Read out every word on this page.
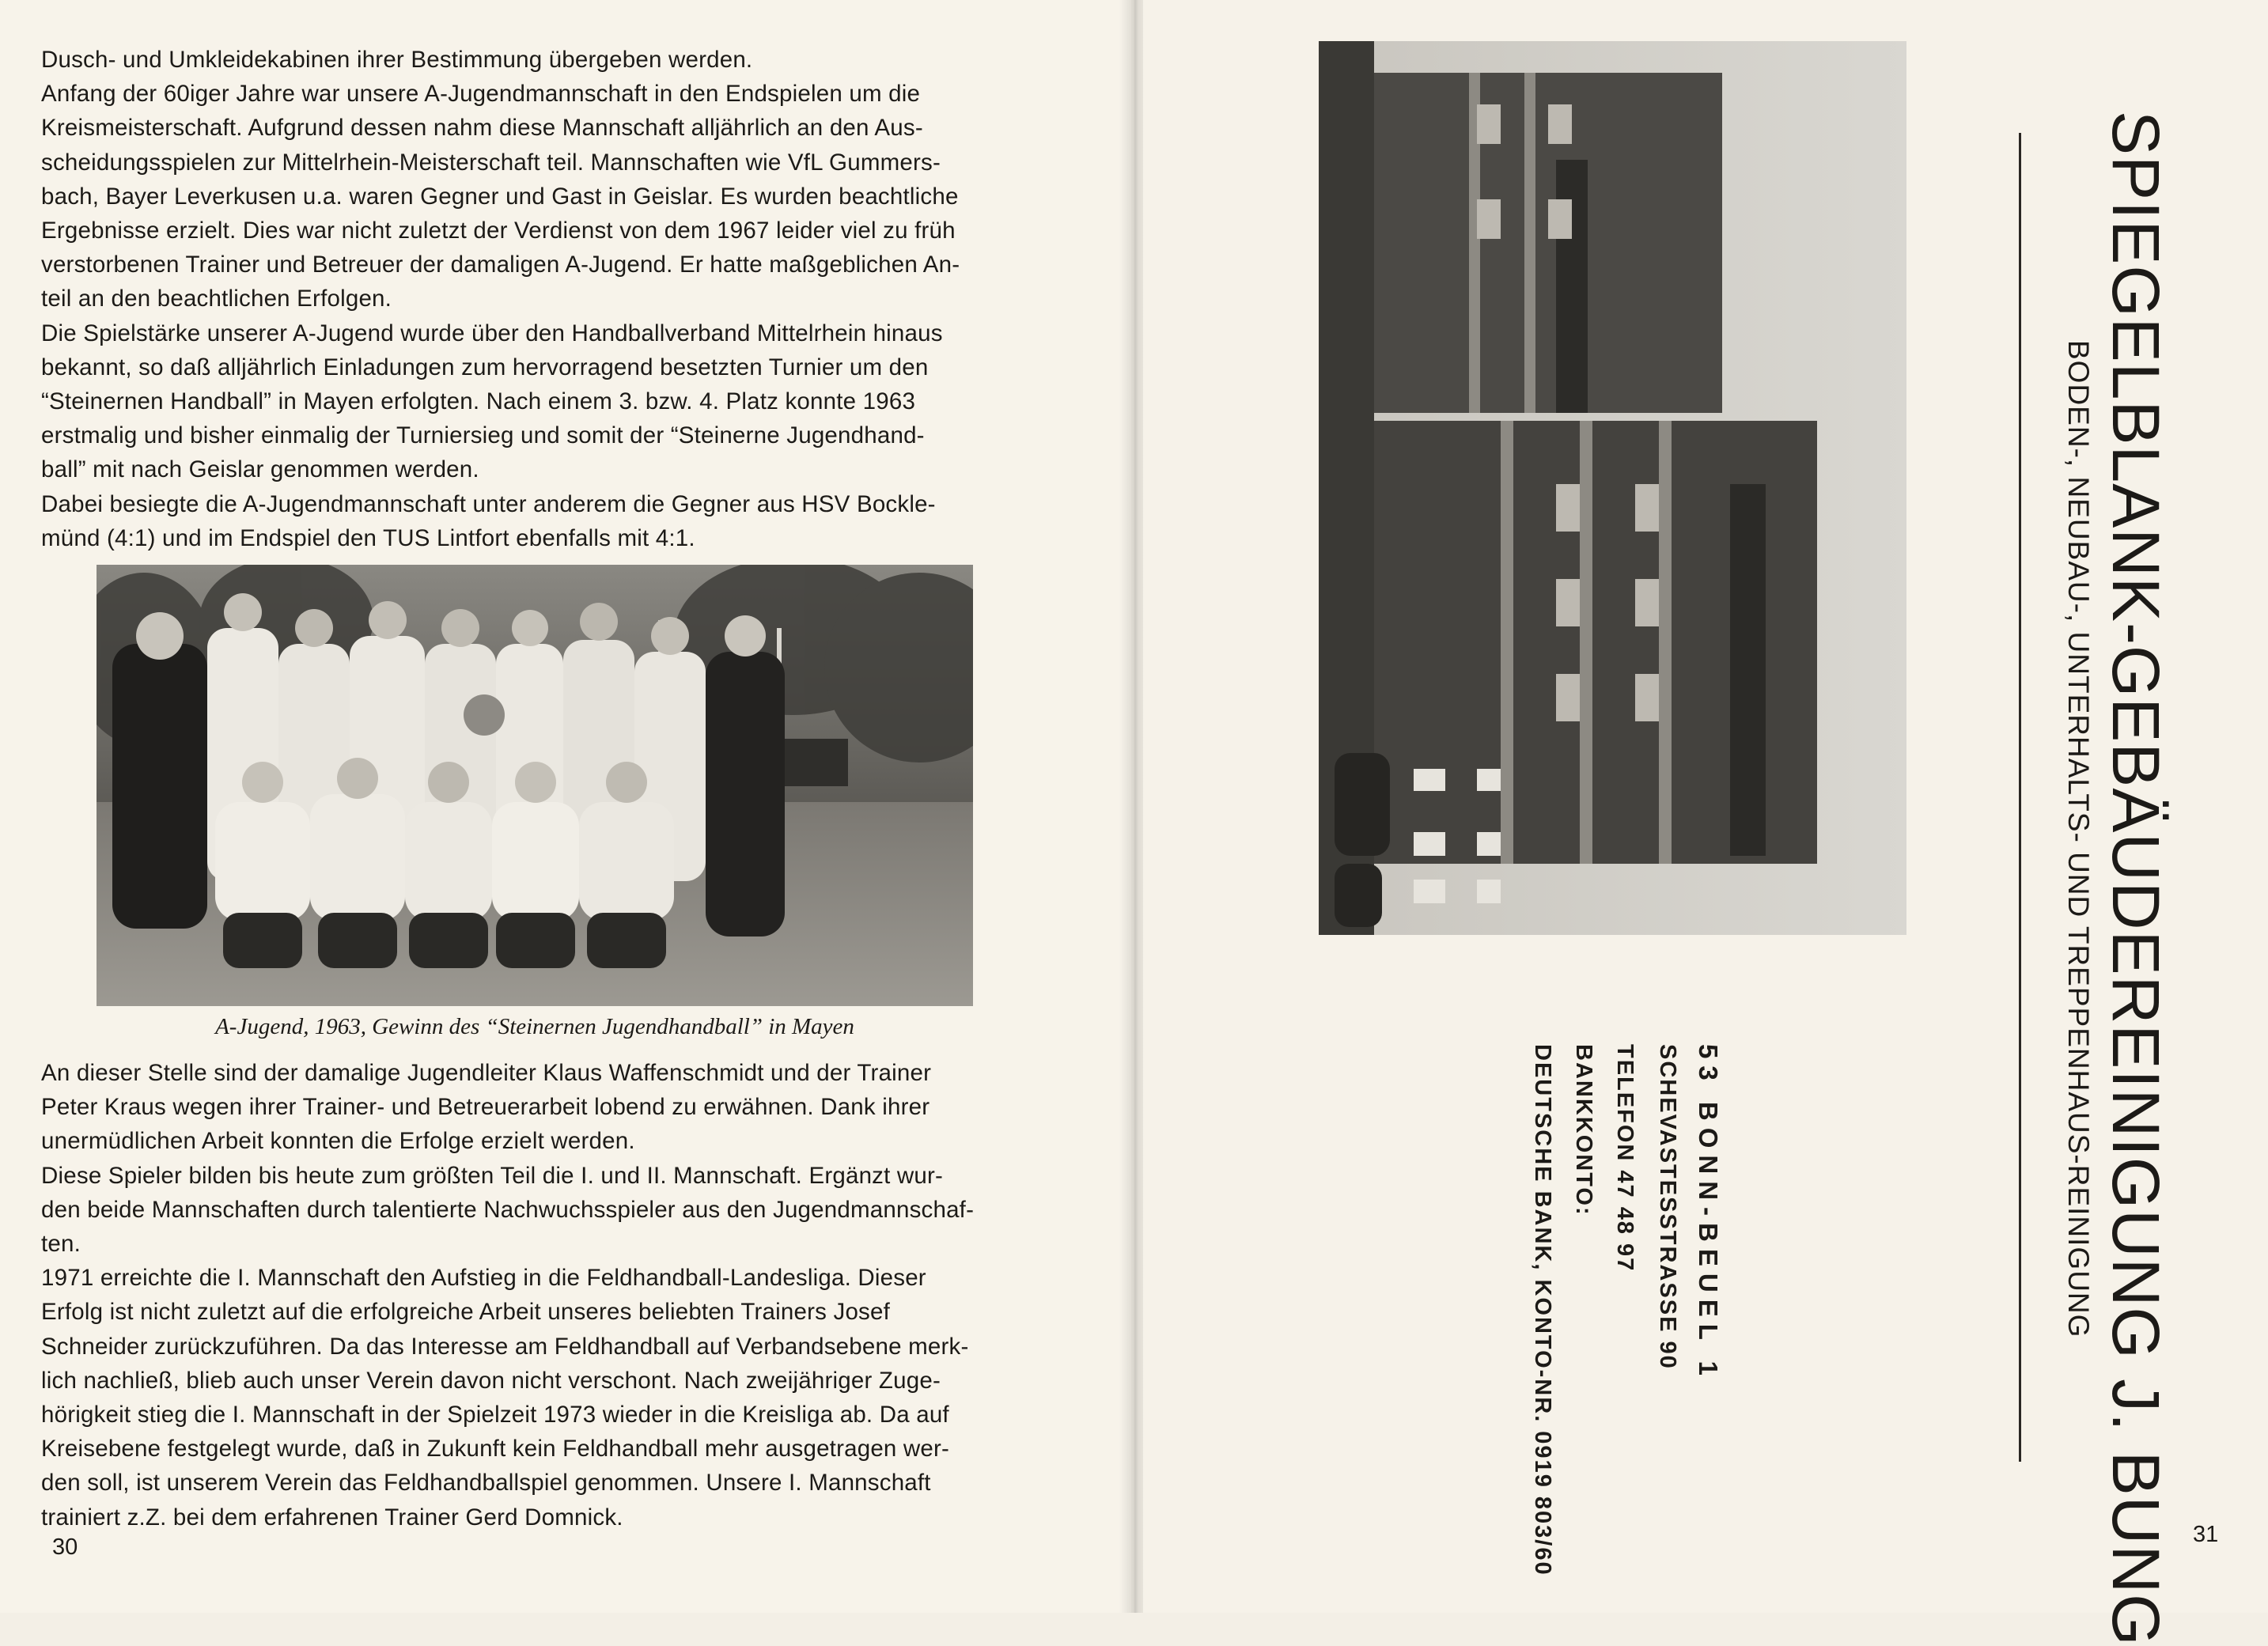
Dusch- und Umkleidekabinen ihrer Bestimmung übergeben werden.

Anfang der 60iger Jahre war unsere A-Jugendmannschaft in den Endspielen um die

Kreismeisterschaft. Aufgrund dessen nahm diese Mannschaft alljährlich an den Aus-

scheidungsspielen zur Mittelrhein-Meisterschaft teil. Mannschaften wie VfL Gummers-

bach, Bayer Leverkusen u.a. waren Gegner und Gast in Geislar. Es wurden beachtliche

Ergebnisse erzielt. Dies war nicht zuletzt der Verdienst von dem 1967 leider viel zu früh

verstorbenen Trainer und Betreuer der damaligen A-Jugend. Er hatte maßgeblichen An-

teil an den beachtlichen Erfolgen.

Die Spielstärke unserer A-Jugend wurde über den Handballverband Mittelrhein hinaus

bekannt, so daß alljährlich Einladungen zum hervorragend besetzten Turnier um den

“Steinernen Handball” in Mayen erfolgten. Nach einem 3. bzw. 4. Platz konnte 1963

erstmalig und bisher einmalig der Turniersieg und somit der “Steinerne Jugendhand-

ball” mit nach Geislar genommen werden.

Dabei besiegte die A-Jugendmannschaft unter anderem die Gegner aus HSV Bockle-

münd (4:1) und im Endspiel den TUS Lintfort ebenfalls mit 4:1.

A-Jugend, 1963, Gewinn des “Steinernen Jugendhandball” in Mayen

An dieser Stelle sind der damalige Jugendleiter Klaus Waffenschmidt und der Trainer

Peter Kraus wegen ihrer Trainer- und Betreuerarbeit lobend zu erwähnen. Dank ihrer

unermüdlichen Arbeit konnten die Erfolge erzielt werden.

Diese Spieler bilden bis heute zum größten Teil die I. und II. Mannschaft. Ergänzt wur-

den beide Mannschaften durch talentierte Nachwuchsspieler aus den Jugendmannschaf-

ten.

1971 erreichte die I. Mannschaft den Aufstieg in die Feldhandball-Landesliga. Dieser

Erfolg ist nicht zuletzt auf die erfolgreiche Arbeit unseres beliebten Trainers Josef

Schneider zurückzuführen. Da das Interesse am Feldhandball auf Verbandsebene merk-

lich nachließ, blieb auch unser Verein davon nicht verschont. Nach zweijähriger Zuge-

hörigkeit stieg die I. Mannschaft in der Spielzeit 1973 wieder in die Kreisliga ab. Da auf

Kreisebene festgelegt wurde, daß in Zukunft kein Feldhandball mehr ausgetragen wer-

den soll, ist unserem Verein das Feldhandballspiel genommen. Unsere I. Mannschaft

trainiert z.Z. bei dem erfahrenen Trainer Gerd Domnick.

30	SPIEGELBLANK-GEBÄUDEREINIGUNG J. BUNG
BODEN-, NEUBAU-, UNTERHALTS- UND TREPPENHAUS-REINIGUNG
53 BONN-BEUEL 1
SCHEVASTESSTRASSE 90
TELEFON 47 48 97
BANKKONTO:
DEUTSCHE BANK, KONTO-NR. 0919 803/60	31
